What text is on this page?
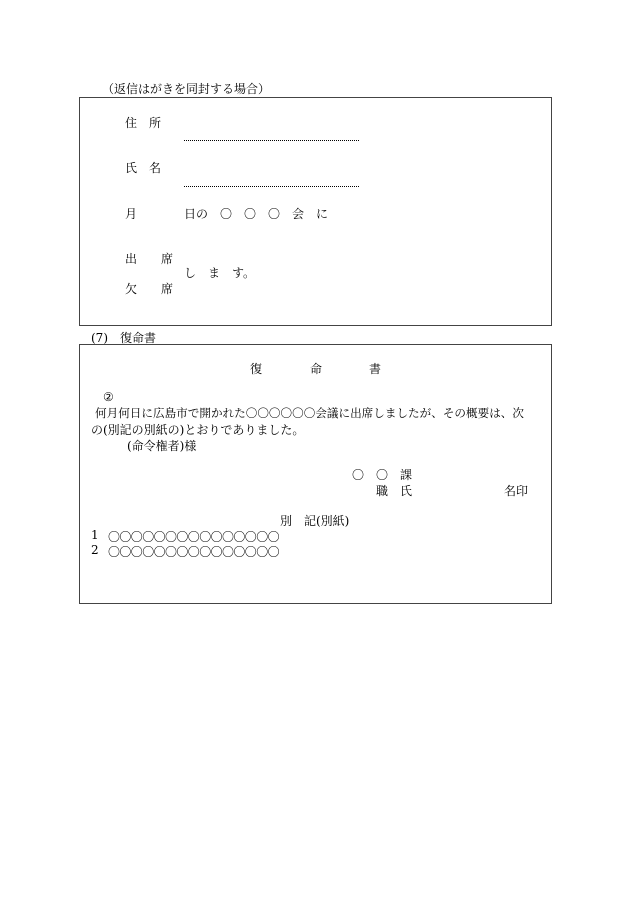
（返信はがきを同封する場合）
住　所
氏　名
月	日の　〇　〇　〇　会　に
出　　席
し　ま　す。
欠　　席
(7)　復命書
復	命	書
②
何月何日に広島市で開かれた〇〇〇〇〇〇会議に出席しましたが、その概要は、次
の(別記の別紙の)とおりでありました。
(命令権者)様
〇　〇　課
職　氏	名印
別　記(別紙)
1 〇〇〇〇〇〇〇〇〇〇〇〇〇〇〇
2 〇〇〇〇〇〇〇〇〇〇〇〇〇〇〇
